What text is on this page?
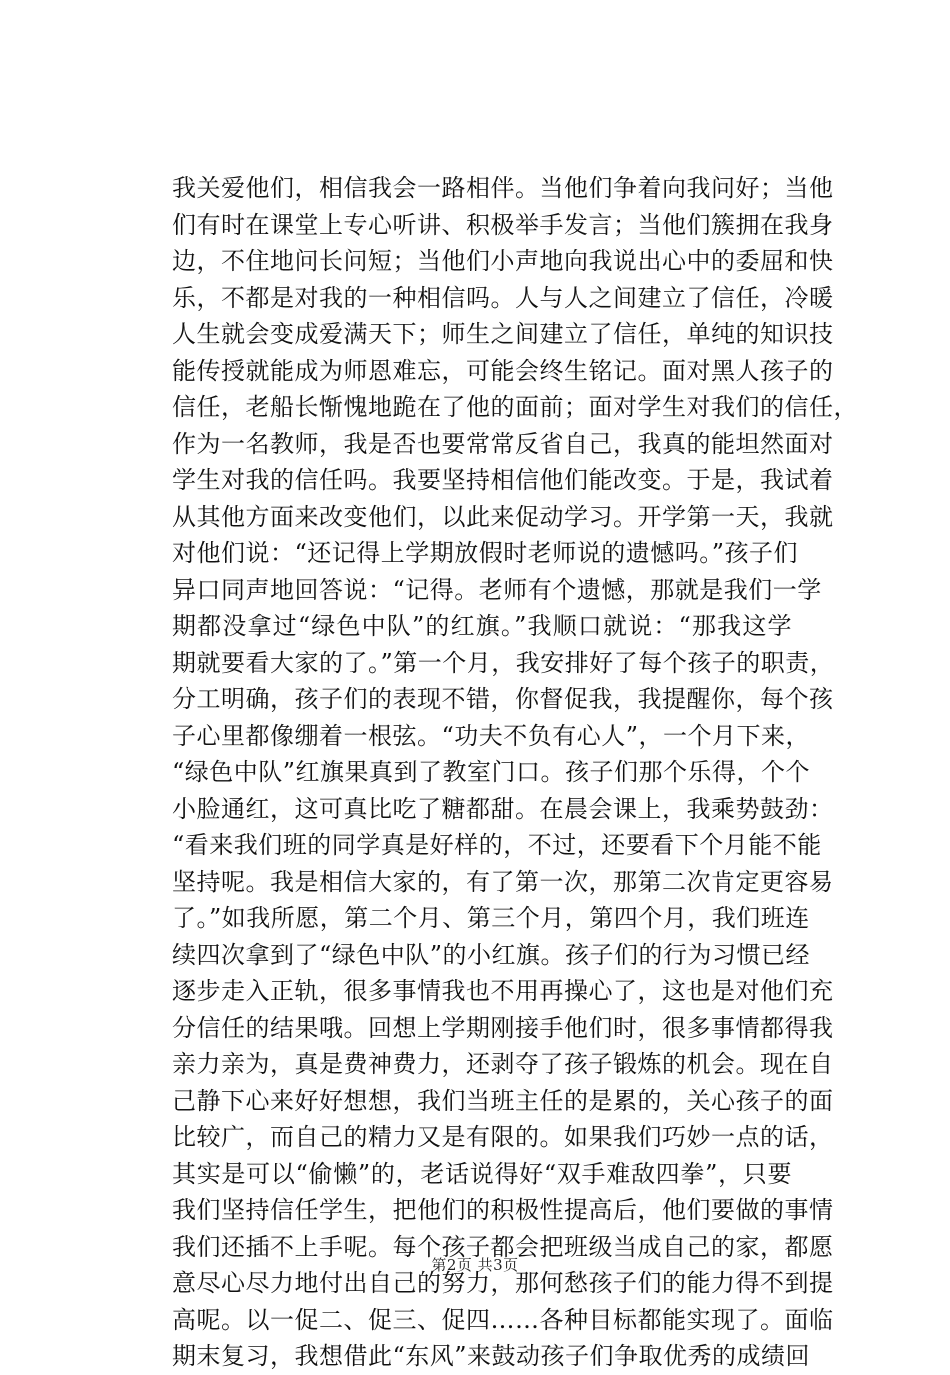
我关爱他们，相信我会一路相伴。当他们争着向我问好；当他
们有时在课堂上专心听讲、积极举手发言；当他们簇拥在我身
边，不住地问长问短；当他们小声地向我说出心中的委屈和快
乐，不都是对我的一种相信吗。人与人之间建立了信任，冷暖
人生就会变成爱满天下；师生之间建立了信任，单纯的知识技
能传授就能成为师恩难忘，可能会终生铭记。面对黑人孩子的
信任，老船长惭愧地跪在了他的面前；面对学生对我们的信任，
作为一名教师，我是否也要常常反省自己，我真的能坦然面对
学生对我的信任吗。我要坚持相信他们能改变。于是，我试着
从其他方面来改变他们，以此来促动学习。开学第一天，我就
对他们说：“还记得上学期放假时老师说的遗憾吗。”孩子们
异口同声地回答说：“记得。老师有个遗憾，那就是我们一学
期都没拿过“绿色中队”的红旗。”我顺口就说：“那我这学
期就要看大家的了。”第一个月，我安排好了每个孩子的职责，
分工明确，孩子们的表现不错，你督促我，我提醒你，每个孩
子心里都像绷着一根弦。“功夫不负有心人”，一个月下来，
“绿色中队”红旗果真到了教室门口。孩子们那个乐得，个个
小脸通红，这可真比吃了糖都甜。在晨会课上，我乘势鼓劲：
“看来我们班的同学真是好样的，不过，还要看下个月能不能
坚持呢。我是相信大家的，有了第一次，那第二次肯定更容易
了。”如我所愿，第二个月、第三个月，第四个月，我们班连
续四次拿到了“绿色中队”的小红旗。孩子们的行为习惯已经
逐步走入正轨，很多事情我也不用再操心了，这也是对他们充
分信任的结果哦。回想上学期刚接手他们时，很多事情都得我
亲力亲为，真是费神费力，还剥夺了孩子锻炼的机会。现在自
己静下心来好好想想，我们当班主任的是累的，关心孩子的面
比较广，而自己的精力又是有限的。如果我们巧妙一点的话，
其实是可以“偷懒”的，老话说得好“双手难敌四拳”，只要
我们坚持信任学生，把他们的积极性提高后，他们要做的事情
我们还插不上手呢。每个孩子都会把班级当成自己的家，都愿
意尽心尽力地付出自己的努力，那何愁孩子们的能力得不到提
高呢。以一促二、促三、促四……各种目标都能实现了。面临
期末复习，我想借此“东风”来鼓动孩子们争取优秀的成绩回
第2页 共3页
